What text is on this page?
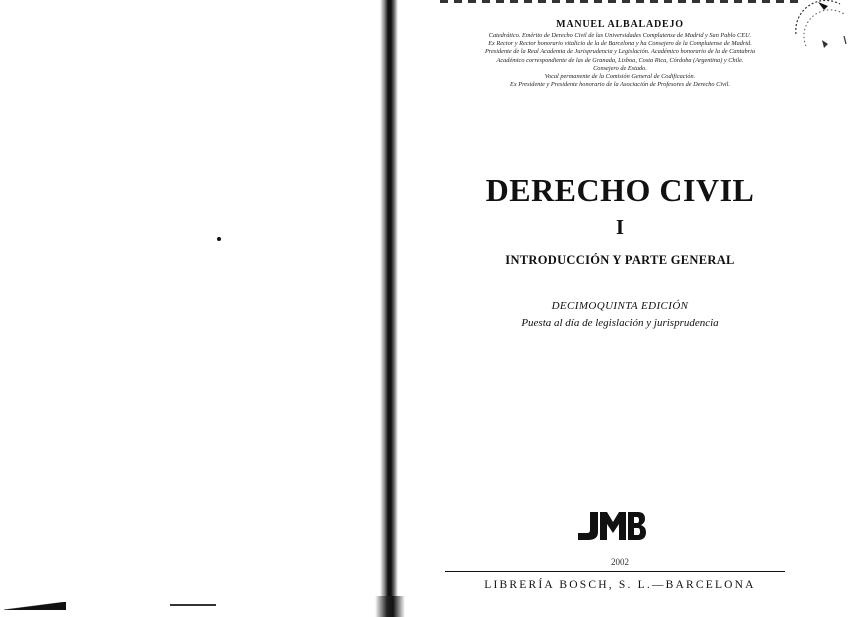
MANUEL ALBALADEJO
Catedrático. Emérito de Derecho Civil de las Universidades Complutense de Madrid y San Pablo CEU.
Ex Rector y Rector honorario vitalicio de la de Barcelona y ha Consejero de la Complutense de Madrid.
Presidente de la Real Academia de Jurisprudencia y Legislación. Académico honorario de la de Cantabria
Académico correspondiente de las de Granada, Lisboa, Costa Rica, Córdoba (Argentina) y Chile.
Consejero de Estado.
Vocal permanente de la Comisión General de Codificación.
Ex Presidente y Presidente honorario de la Asociación de Profesores de Derecho Civil.
DERECHO CIVIL
I
INTRODUCCIÓN Y PARTE GENERAL
DECIMOQUINTA EDICIÓN
Puesta al día de legislación y jurisprudencia
2002
LIBRERÍA BOSCH, S. L.—BARCELONA
